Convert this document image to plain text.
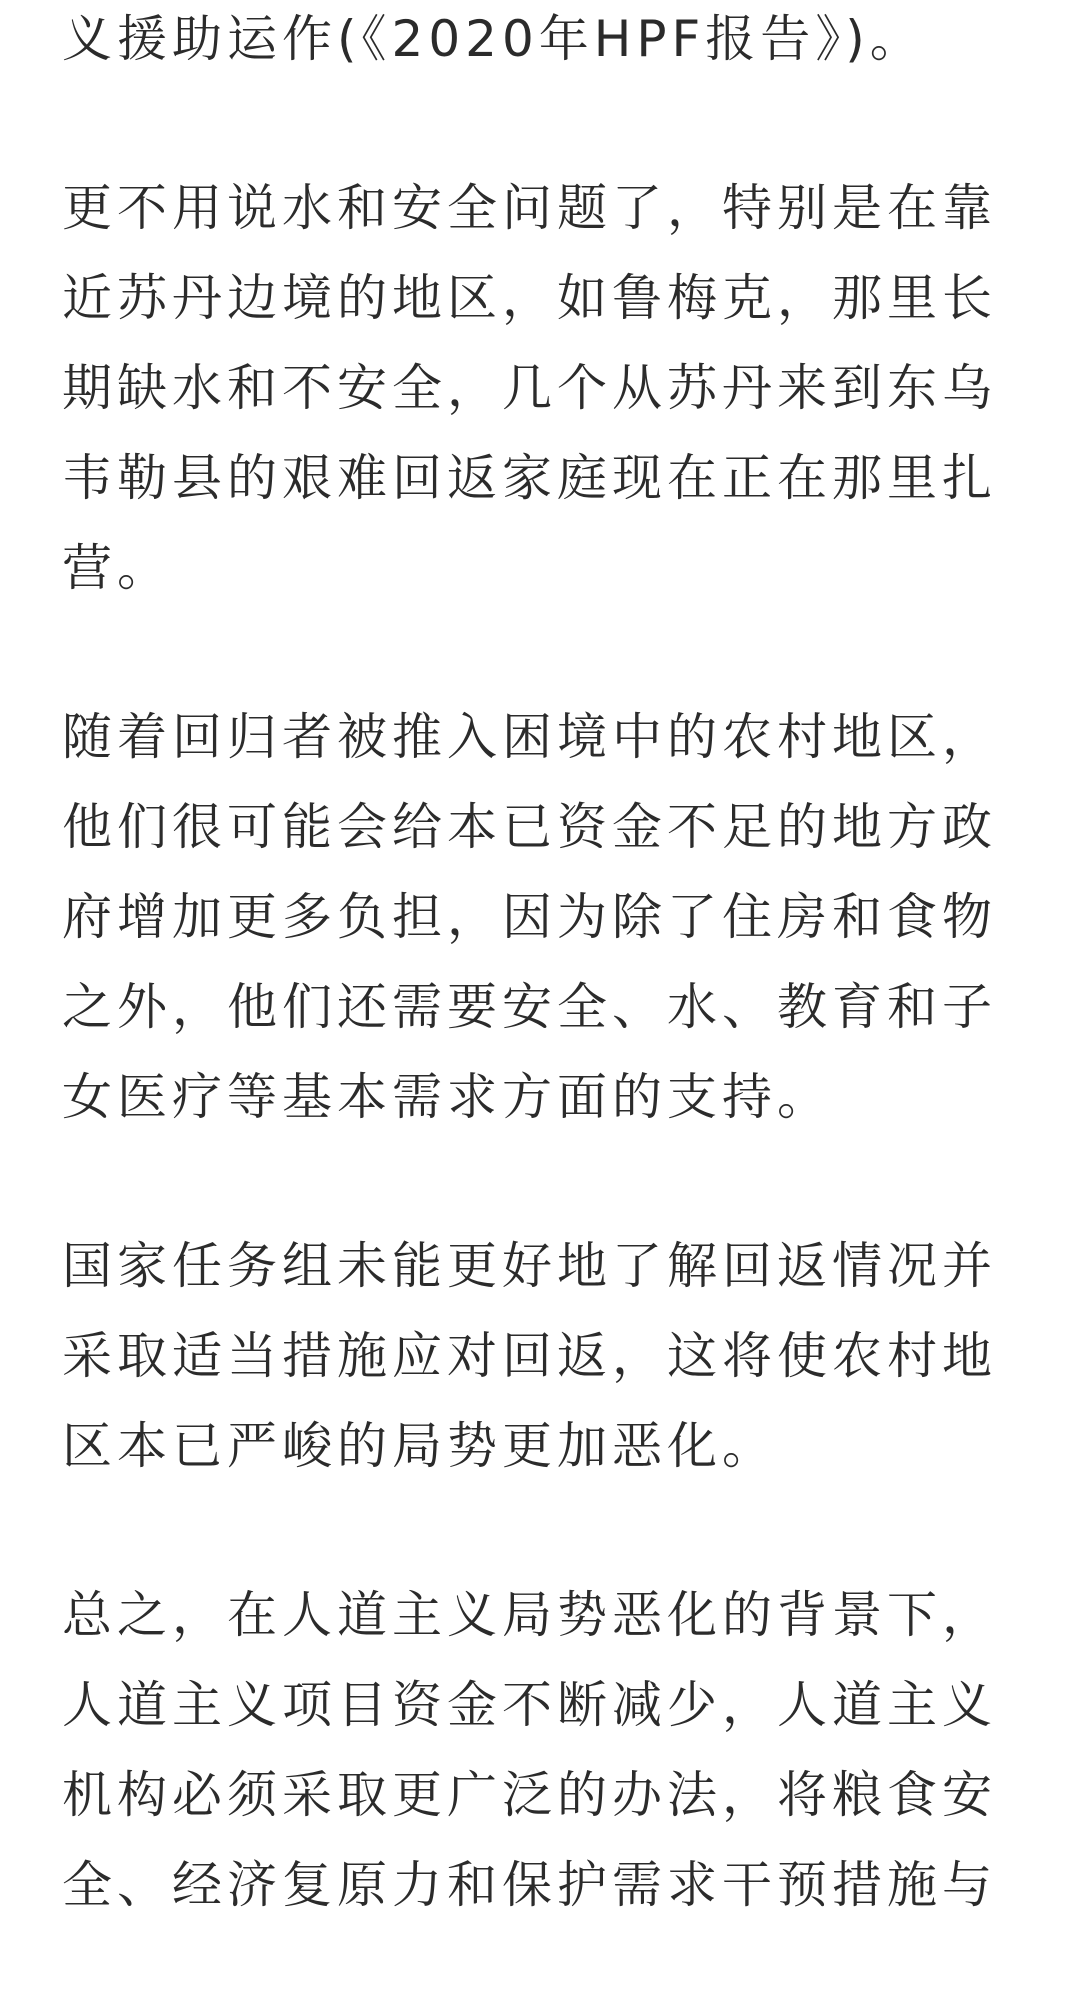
义援助运作(《2020年HPF报告》)。
更不用说水和安全问题了，特别是在靠
近苏丹边境的地区，如鲁梅克，那里长
期缺水和不安全，几个从苏丹来到东乌
韦勒县的艰难回返家庭现在正在那里扎
营。
随着回归者被推入困境中的农村地区，
他们很可能会给本已资金不足的地方政
府增加更多负担，因为除了住房和食物
之外，他们还需要安全、水、教育和子
女医疗等基本需求方面的支持。
国家任务组未能更好地了解回返情况并
采取适当措施应对回返，这将使农村地
区本已严峻的局势更加恶化。
总之，在人道主义局势恶化的背景下，
人道主义项目资金不断减少，人道主义
机构必须采取更广泛的办法，将粮食安
全、经济复原力和保护需求干预措施与
